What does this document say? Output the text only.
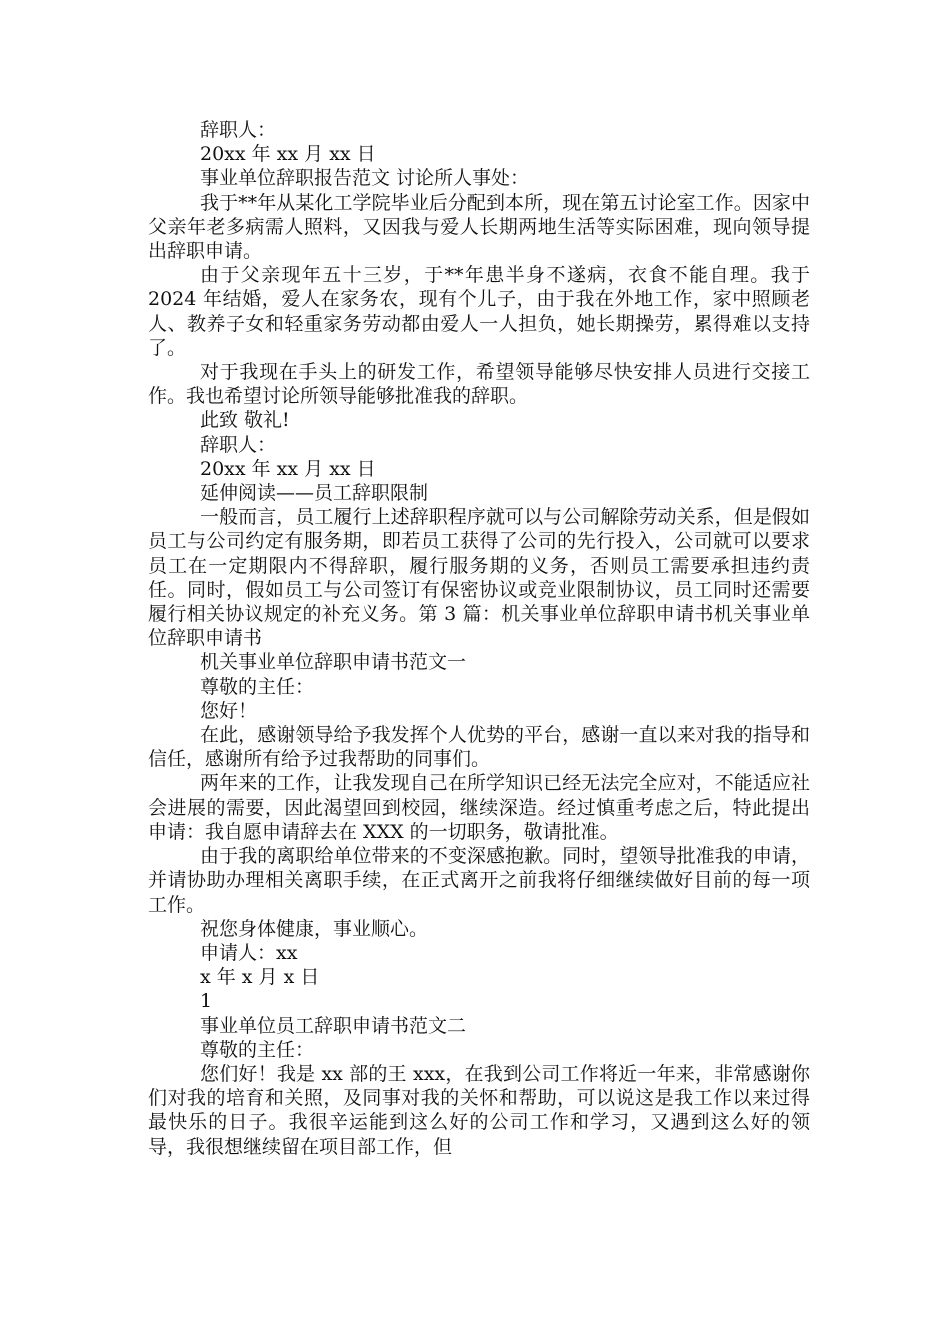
辞职人：

20xx 年 xx 月 xx 日

事业单位辞职报告范文 讨论所人事处：

我于**年从某化工学院毕业后分配到本所，现在第五讨论室工作。因家中父亲年老多病需人照料，又因我与爱人长期两地生活等实际困难，现向领导提出辞职申请。

由于父亲现年五十三岁，于**年患半身不遂病，衣食不能自理。我于 2024 年结婚，爱人在家务农，现有个儿子，由于我在外地工作，家中照顾老人、教养子女和轻重家务劳动都由爱人一人担负，她长期操劳，累得难以支持了。

对于我现在手头上的研发工作，希望领导能够尽快安排人员进行交接工作。我也希望讨论所领导能够批准我的辞职。

此致 敬礼!

辞职人：

20xx 年 xx 月 xx 日

延伸阅读——员工辞职限制

一般而言，员工履行上述辞职程序就可以与公司解除劳动关系，但是假如员工与公司约定有服务期，即若员工获得了公司的先行投入，公司就可以要求员工在一定期限内不得辞职，履行服务期的义务，否则员工需要承担违约责任。同时，假如员工与公司签订有保密协议或竞业限制协议，员工同时还需要履行相关协议规定的补充义务。第 3 篇：机关事业单位辞职申请书机关事业单位辞职申请书

机关事业单位辞职申请书范文一

尊敬的主任：

您好！

在此，感谢领导给予我发挥个人优势的平台，感谢一直以来对我的指导和信任，感谢所有给予过我帮助的同事们。

两年来的工作，让我发现自己在所学知识已经无法完全应对，不能适应社会进展的需要，因此渴望回到校园，继续深造。经过慎重考虑之后，特此提出申请：我自愿申请辞去在 XXX 的一切职务，敬请批准。

由于我的离职给单位带来的不变深感抱歉。同时，望领导批准我的申请，并请协助办理相关离职手续，在正式离开之前我将仔细继续做好目前的每一项工作。

祝您身体健康，事业顺心。

申请人：xx

x 年 x 月 x 日

1

事业单位员工辞职申请书范文二

尊敬的主任：

您们好！我是 xx 部的王 xxx，在我到公司工作将近一年来，非常感谢你们对我的培育和关照，及同事对我的关怀和帮助，可以说这是我工作以来过得最快乐的日子。我很辛运能到这么好的公司工作和学习，又遇到这么好的领导，我很想继续留在项目部工作，但
